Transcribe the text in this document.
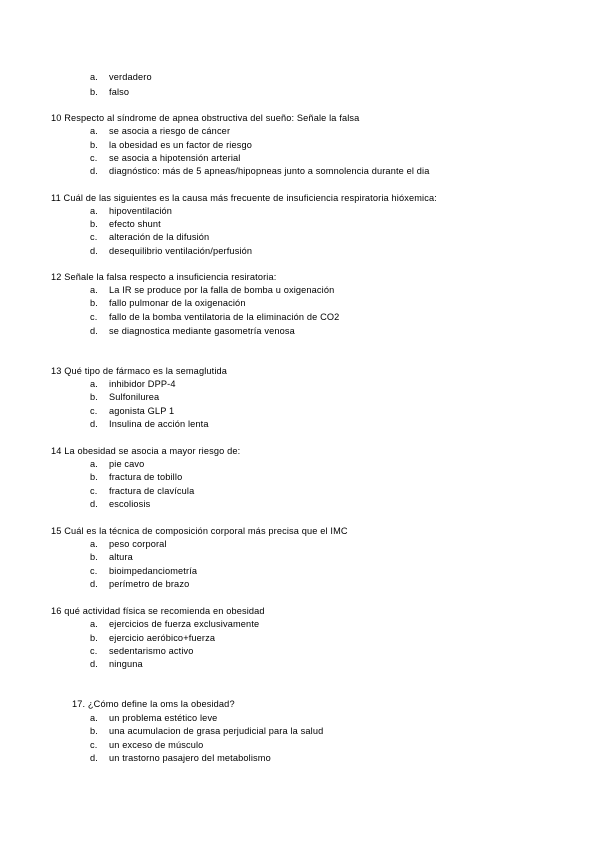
a. verdadero
b. falso
10 Respecto al síndrome de apnea obstructiva del sueño: Señale la falsa
a. se asocia a riesgo de cáncer
b. la obesidad es un factor de riesgo
c. se asocia a hipotensión arterial
d. diagnóstico: más de 5 apneas/hipopneas junto a somnolencia durante el dia
11 Cuál de las siguientes es la causa más frecuente de insuficiencia respiratoria hióxemica:
a. hipoventilación
b. efecto shunt
c. alteración de la difusión
d. desequilibrio ventilación/perfusión
12 Señale la falsa respecto a insuficiencia resiratoria:
a. La IR se produce por la falla de bomba u oxigenación
b. fallo pulmonar de la oxigenación
c. fallo de la bomba ventilatoria de la eliminación de CO2
d. se diagnostica mediante gasometría venosa
13 Qué tipo de fármaco es la semaglutida
a. inhibidor DPP-4
b. Sulfonilurea
c. agonista GLP 1
d. Insulina de acción lenta
14 La obesidad se asocia a mayor riesgo de:
a. pie cavo
b. fractura de tobillo
c. fractura de clavícula
d. escoliosis
15 Cuál es la técnica de composición corporal más precisa que el IMC
a. peso corporal
b. altura
c. bioimpedanciometría
d. perímetro de brazo
16 qué actividad física se recomienda en obesidad
a. ejercicios de fuerza exclusivamente
b. ejercicio aeróbico+fuerza
c. sedentarismo activo
d. ninguna
17. ¿Cómo define la oms la obesidad?
a. un problema estético leve
b. una acumulacion de grasa perjudicial para la salud
c. un exceso de músculo
d. un trastorno pasajero del metabolismo
